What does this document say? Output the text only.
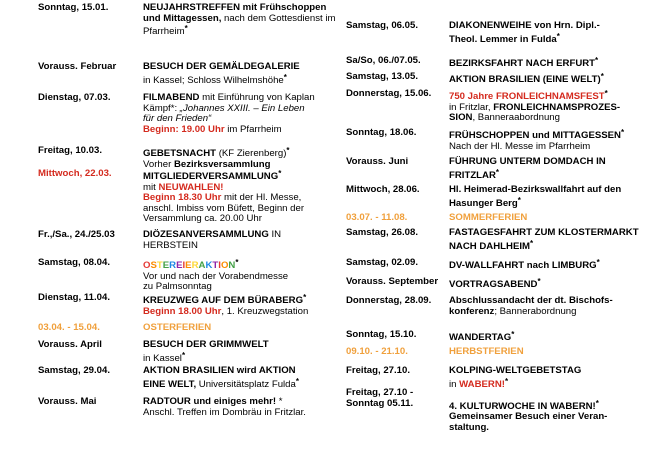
Sonntag, 15.01.	NEUJAHRSTREFFEN mit Frühschoppen
und Mittagessen, nach dem Gottesdienst im
Pfarrheim*
Vorauss. Februar	BESUCH DER GEMÄLDEGALERIE
in Kassel; Schloss Wilhelmshöhe*
Dienstag, 07.03.	FILMABEND mit Einführung von Kaplan
Kämpf*: „Johannes XXIII. – Ein Leben
für den Frieden“
Beginn: 19.00 Uhr im Pfarrheim
Freitag, 10.03.	GEBETSNACHT (KF Zierenberg)*
Vorher Bezirksversammlung
Mittwoch, 22.03.	MITGLIEDERVERSAMMLUNG*
mit NEUWAHLEN!
Beginn 18.30 Uhr mit der Hl. Messe,
anschl. Imbiss vom Büfett, Beginn der
Versammlung ca. 20.00 Uhr
Fr.,/Sa., 24./25.03	DIÖZESANVERSAMMLUNG IN
HERBSTEIN
Samstag, 08.04.	OSTEREIERAKTION*
Vor und nach der Vorabendmesse
zu Palmsonntag
Dienstag, 11.04.	KREUZWEG AUF DEM BÜRABERG*
Beginn 18.00 Uhr, 1. Kreuzwegstation
03.04. - 15.04.	OSTERFERIEN
Vorauss. April	BESUCH DER GRIMMWELT
in Kassel*
Samstag, 29.04.	AKTION BRASILIEN wird AKTION
EINE WELT, Universitätsplatz Fulda*
Vorauss. Mai	RADTOUR und einiges mehr! *
Anschl. Treffen im Dombräu in Fritzlar.
Samstag, 06.05.	DIAKONENWEIHE von Hrn. Dipl.-
Theol. Lemmer in Fulda*
Sa/So, 06./07.05.	BEZIRKSFAHRT NACH ERFURT*
Samstag, 13.05.	AKTION BRASILIEN (EINE WELT)*
Donnerstag, 15.06. 750 Jahre FRONLEICHNAMSFEST*
in Fritzlar, FRONLEICHNAMSPROZES-
SION, Banneraabordnung
Sonntag, 18.06.	FRÜHSCHOPPEN und MITTAGESSEN*
Nach der Hl. Messe im Pfarrheim
Vorauss. Juni	FÜHRUNG UNTERM DOMDACH IN
FRITZLAR*
Mittwoch, 28.06.	Hl. Heimerad-Bezirkswallfahrt auf den
Hasunger Berg*
03.07. - 11.08.	SOMMERFERIEN
Samstag, 26.08.	FASTAGESFAHRT ZUM KLOSTERMARKT
NACH DAHLHEIM*
Samstag, 02.09.	DV-WALLFAHRT nach LIMBURG*
Vorauss. September VORTRAGSABEND*
Donnerstag, 28.09. Abschlussandacht der dt. Bischofs-
konferenz; Bannerabordnung
Sonntag, 15.10.	WANDERTAG*
09.10. - 21.10.	HERBSTFERIEN
Freitag, 27.10.	KOLPING-WELTGEBETSTAG
in WABERN!*
Freitag, 27.10 -
Sonntag 05.11.
	4. KULTURWOCHE IN WABERN!*
Gemeinsamer Besuch einer Veran-
staltung.
